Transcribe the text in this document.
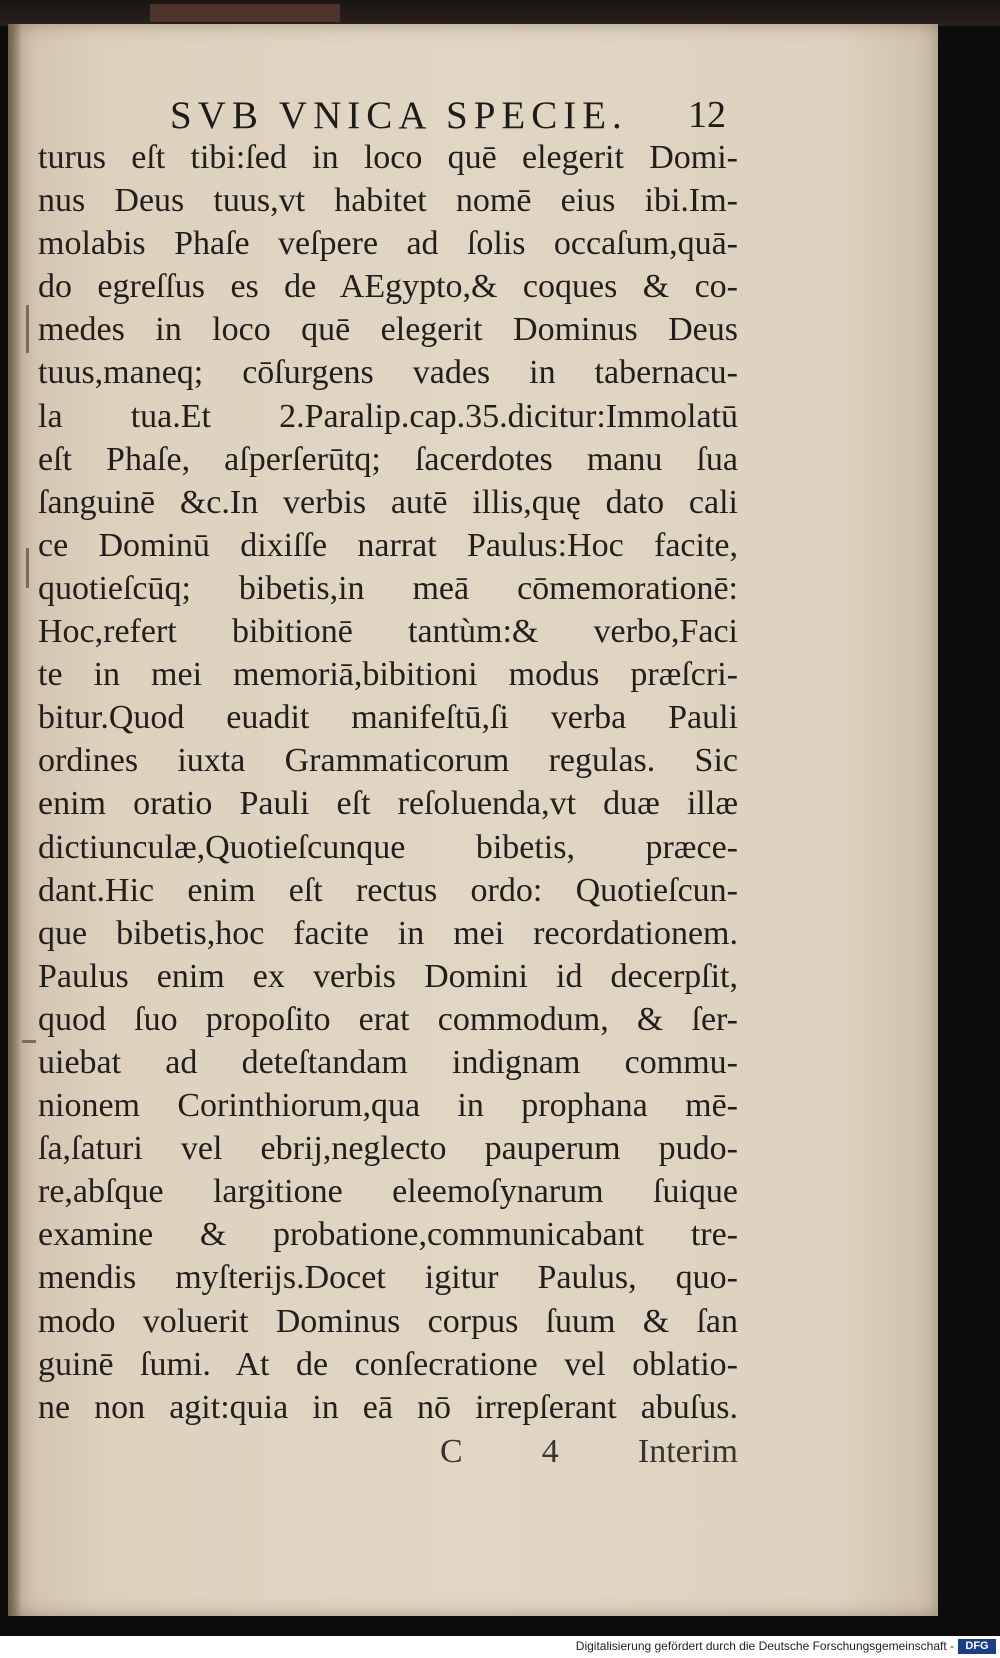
SVB VNICA SPECIE. 12
turus eſt tibi:ſed in loco quē elegerit Domi-
nus Deus tuus,vt habitet nomē eius ibi.Im-
molabis Phaſe veſpere ad ſolis occaſum,quā-
do egreſſus es de AEgypto,& coques & co-
medes in loco quē elegerit Dominus Deus
tuus,maneq; cōſurgens vades in tabernacu-
la tua.Et 2.Paralip.cap.35.dicitur:Immolatū
eſt Phaſe, aſperſerūtq; ſacerdotes manu ſua
ſanguinē &c.In verbis autē illis,quę dato cali
ce Dominū dixiſſe narrat Paulus:Hoc facite,
quotieſcūq; bibetis,in meā cōmemorationē:
Hoc,refert bibitionē tantùm:& verbo,Faci
te in mei memoriā,bibitioni modus præſcri-
bitur.Quod euadit manifeſtū,ſi verba Pauli
ordines iuxta Grammaticorum regulas. Sic
enim oratio Pauli eſt reſoluenda,vt duæ illæ
dictiunculæ,Quotieſcunque bibetis, præce-
dant.Hic enim eſt rectus ordo: Quotieſcun-
que bibetis,hoc facite in mei recordationem.
Paulus enim ex verbis Domini id decerpſit,
quod ſuo propoſito erat commodum, & ſer-
uiebat ad deteſtandam indignam commu-
nionem Corinthiorum,qua in prophana mē-
ſa,ſaturi vel ebrij,neglecto pauperum pudo-
re,abſque largitione eleemoſynarum ſuique
examine & probatione,communicabant tre-
mendis myſterijs.Docet igitur Paulus, quo-
modo voluerit Dominus corpus ſuum & ſan
guinē ſumi. At de conſecratione vel oblatio-
ne non agit:quia in eā nō irrepſerant abuſus.
C 4 Interim
Digitalisierung gefördert durch die Deutsche Forschungsgemeinschaft -	DFG
